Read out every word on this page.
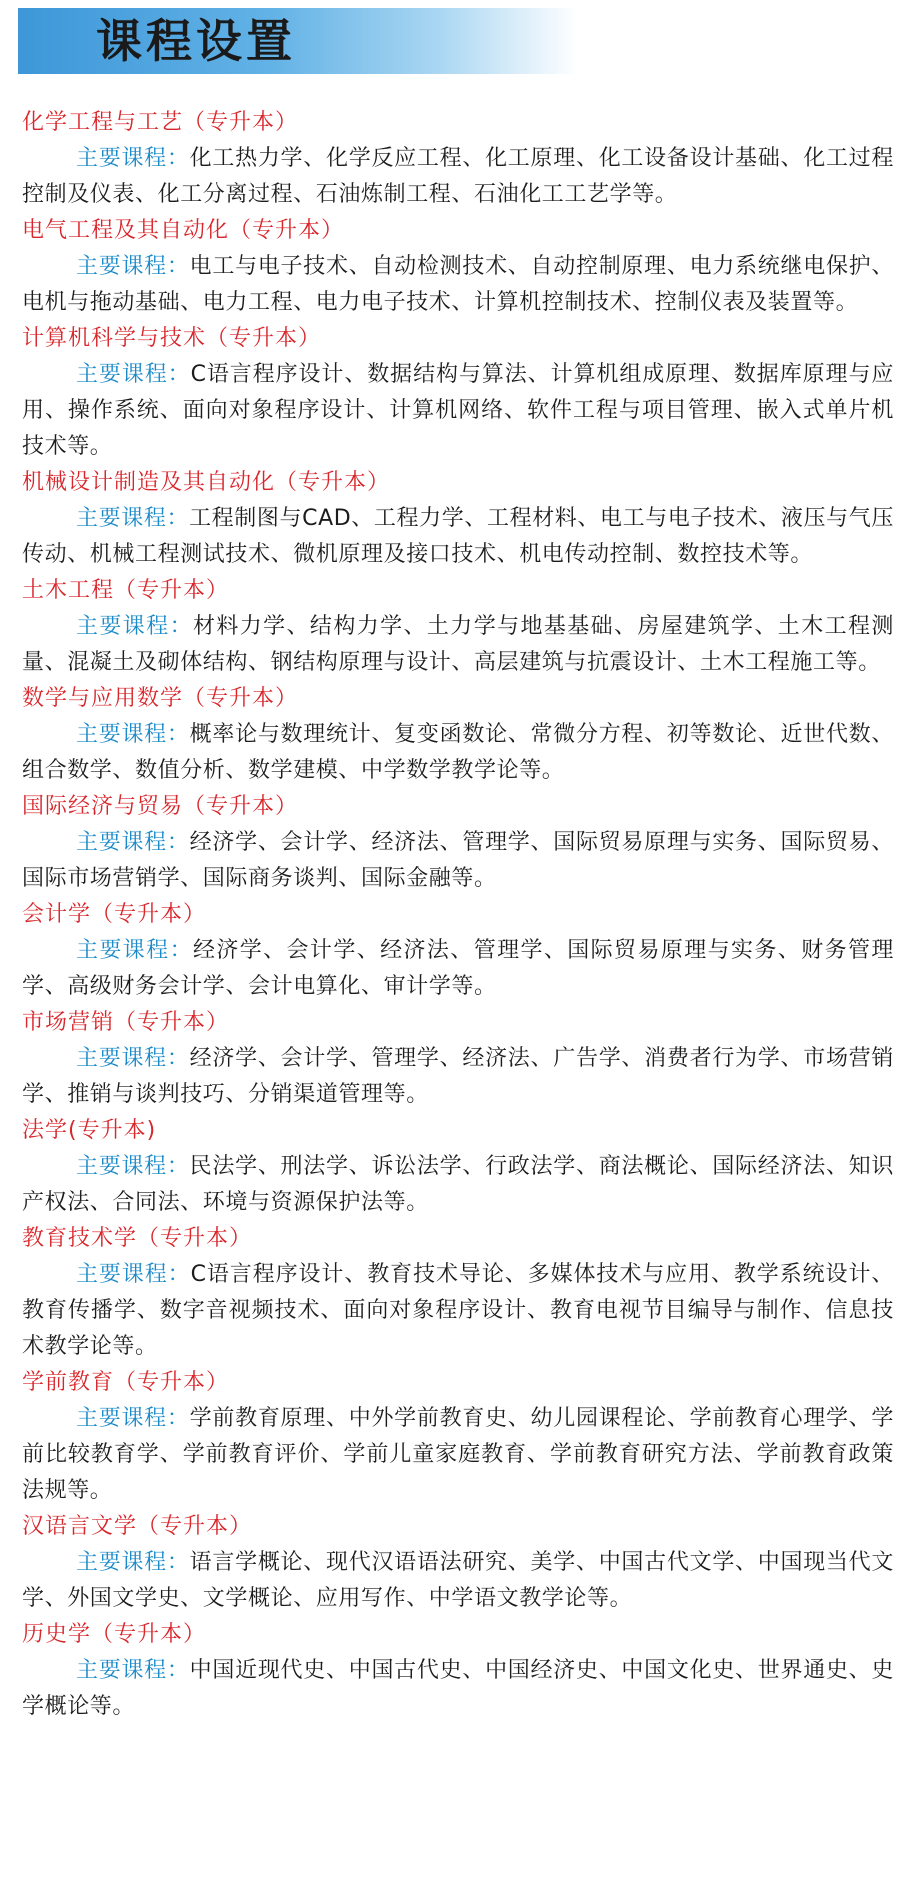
课程设置
化学工程与工艺（专升本）

主要课程：化工热力学、化学反应工程、化工原理、化工设备设计基础、化工过程控制及仪表、化工分离过程、石油炼制工程、石油化工工艺学等。

电气工程及其自动化（专升本）

主要课程：电工与电子技术、自动检测技术、自动控制原理、电力系统继电保护、电机与拖动基础、电力工程、电力电子技术、计算机控制技术、控制仪表及装置等。

计算机科学与技术（专升本）

主要课程：C语言程序设计、数据结构与算法、计算机组成原理、数据库原理与应用、操作系统、面向对象程序设计、计算机网络、软件工程与项目管理、嵌入式单片机技术等。

机械设计制造及其自动化（专升本）

主要课程：工程制图与CAD、工程力学、工程材料、电工与电子技术、液压与气压传动、机械工程测试技术、微机原理及接口技术、机电传动控制、数控技术等。

土木工程（专升本）

主要课程：材料力学、结构力学、土力学与地基基础、房屋建筑学、土木工程测量、混凝土及砌体结构、钢结构原理与设计、高层建筑与抗震设计、土木工程施工等。

数学与应用数学（专升本）

主要课程：概率论与数理统计、复变函数论、常微分方程、初等数论、近世代数、组合数学、数值分析、数学建模、中学数学教学论等。

国际经济与贸易（专升本）

主要课程：经济学、会计学、经济法、管理学、国际贸易原理与实务、国际贸易、国际市场营销学、国际商务谈判、国际金融等。

会计学（专升本）

主要课程：经济学、会计学、经济法、管理学、国际贸易原理与实务、财务管理学、高级财务会计学、会计电算化、审计学等。

市场营销（专升本）

主要课程：经济学、会计学、管理学、经济法、广告学、消费者行为学、市场营销学、推销与谈判技巧、分销渠道管理等。

法学(专升本)

主要课程：民法学、刑法学、诉讼法学、行政法学、商法概论、国际经济法、知识产权法、合同法、环境与资源保护法等。

教育技术学（专升本）

主要课程：C语言程序设计、教育技术导论、多媒体技术与应用、教学系统设计、教育传播学、数字音视频技术、面向对象程序设计、教育电视节目编导与制作、信息技术教学论等。

学前教育（专升本）

主要课程：学前教育原理、中外学前教育史、幼儿园课程论、学前教育心理学、学前比较教育学、学前教育评价、学前儿童家庭教育、学前教育研究方法、学前教育政策法规等。

汉语言文学（专升本）

主要课程：语言学概论、现代汉语语法研究、美学、中国古代文学、中国现当代文学、外国文学史、文学概论、应用写作、中学语文教学论等。

历史学（专升本）

主要课程：中国近现代史、中国古代史、中国经济史、中国文化史、世界通史、史学概论等。
